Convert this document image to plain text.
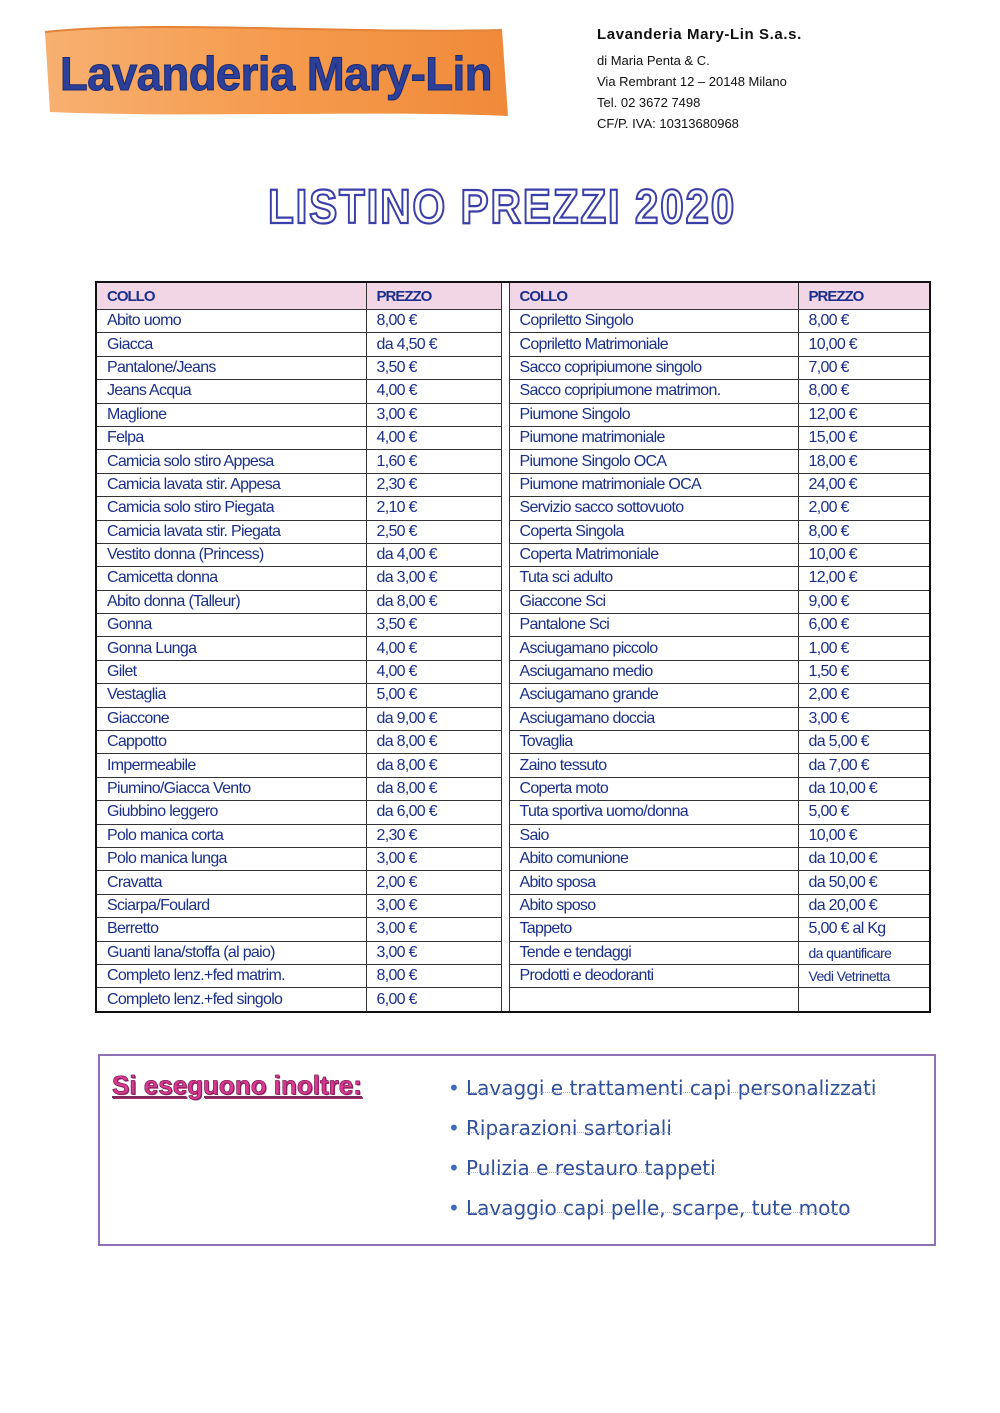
Lavanderia Mary-Lin
Lavanderia Mary-Lin S.a.s.
di Maria Penta & C.
Via Rembrant 12 – 20148 Milano
Tel. 02 3672 7498
CF/P. IVA: 10313680968
LISTINO PREZZI 2020
COLLO	PREZZO		COLLO	PREZZO
Abito uomo	8,00 €		Copriletto Singolo	8,00 €
Giacca	da 4,50 €		Copriletto Matrimoniale	10,00 €
Pantalone/Jeans	3,50 €		Sacco copripiumone singolo	7,00 €
Jeans Acqua	4,00 €		Sacco copripiumone matrimon.	8,00 €
Maglione	3,00 €		Piumone Singolo	12,00 €
Felpa	4,00 €		Piumone matrimoniale	15,00 €
Camicia solo stiro Appesa	1,60 €		Piumone Singolo OCA	18,00 €
Camicia lavata stir. Appesa	2,30 €		Piumone matrimoniale OCA	24,00 €
Camicia solo stiro Piegata	2,10 €		Servizio sacco sottovuoto	2,00 €
Camicia lavata stir. Piegata	2,50 €		Coperta Singola	8,00 €
Vestito donna (Princess)	da 4,00 €		Coperta Matrimoniale	10,00 €
Camicetta donna	da 3,00 €		Tuta sci adulto	12,00 €
Abito donna (Talleur)	da 8,00 €		Giaccone Sci	9,00 €
Gonna	3,50 €		Pantalone Sci	6,00 €
Gonna Lunga	4,00 €		Asciugamano piccolo	1,00 €
Gilet	4,00 €		Asciugamano medio	1,50 €
Vestaglia	5,00 €		Asciugamano grande	2,00 €
Giaccone	da 9,00 €		Asciugamano doccia	3,00 €
Cappotto	da 8,00 €		Tovaglia	da 5,00 €
Impermeabile	da 8,00 €		Zaino tessuto	da 7,00 €
Piumino/Giacca Vento	da 8,00 €		Coperta moto	da 10,00 €
Giubbino leggero	da 6,00 €		Tuta sportiva uomo/donna	5,00 €
Polo manica corta	2,30 €		Saio	10,00 €
Polo manica lunga	3,00 €		Abito comunione	da 10,00 €
Cravatta	2,00 €		Abito sposa	da 50,00 €
Sciarpa/Foulard	3,00 €		Abito sposo	da 20,00 €
Berretto	3,00 €		Tappeto	5,00 € al Kg
Guanti lana/stoffa (al paio)	3,00 €		Tende e tendaggi	da quantificare
Completo lenz.+fed matrim.	8,00 €		Prodotti e deodoranti	Vedi Vetrinetta
Completo lenz.+fed singolo	6,00 €			
Si eseguono inoltre:	• Lavaggi e trattamenti capi personalizzati
• Riparazioni sartoriali
• Pulizia e restauro tappeti
• Lavaggio capi pelle, scarpe, tute moto
